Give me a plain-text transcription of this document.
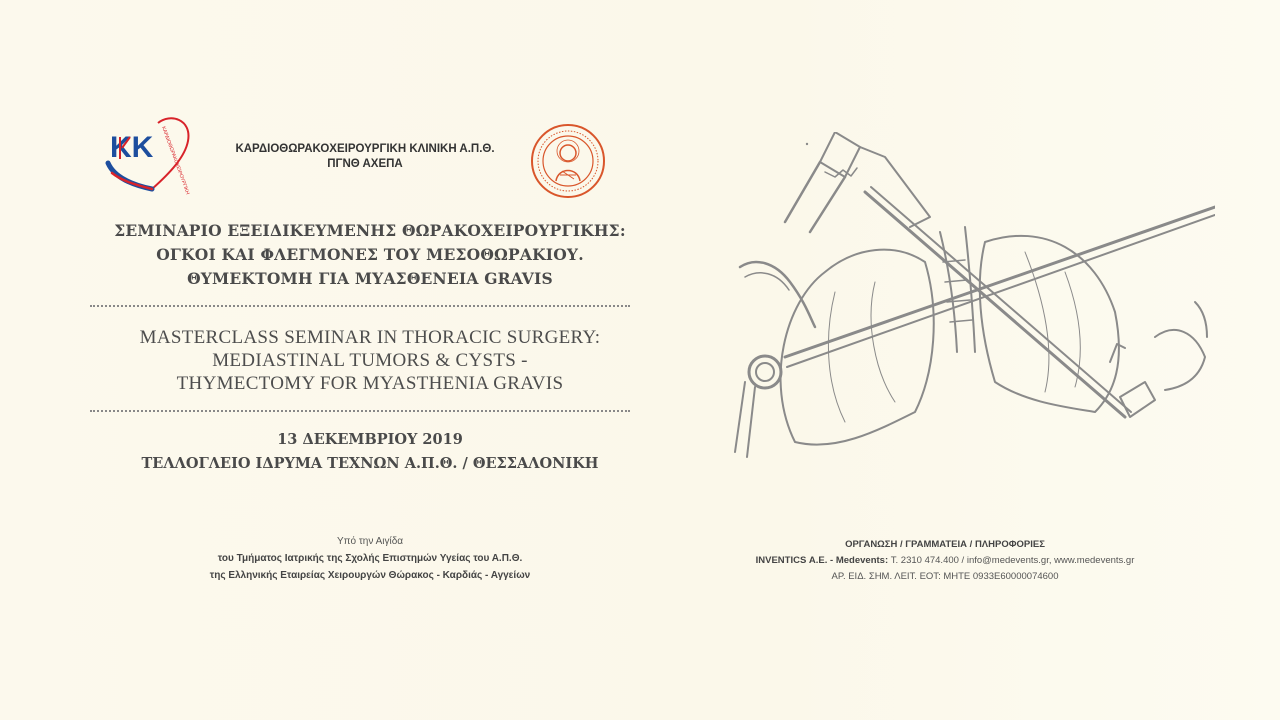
KK ΚΑΡΔΙΟΘΩΡΑΚΟΧΕΙΡΟΥΡΓΙΚΗ	ΚΑΡΔΙΟΘΩΡΑΚΟΧΕΙΡΟΥΡΓΙΚΗ ΚΛΙΝΙΚΗ Α.Π.Θ.
ΠΓΝΘ ΑΧΕΠΑ
ΣΕΜΙΝΑΡΙΟ ΕΞΕΙΔΙΚΕΥΜΕΝΗΣ ΘΩΡΑΚΟΧΕΙΡΟΥΡΓΙΚΗΣ:
ΟΓΚΟΙ ΚΑΙ ΦΛΕΓΜΟΝΕΣ ΤΟΥ ΜΕΣΟΘΩΡΑΚΙΟΥ.
ΘΥΜΕΚΤΟΜΗ ΓΙΑ ΜΥΑΣΘΕΝΕΙΑ GRAVIS
MASTERCLASS SEMINAR IN THORACIC SURGERY:
MEDIASTINAL TUMORS & CYSTS -
THYMECTOMY FOR MYASTHENIA GRAVIS
13 ΔΕΚΕΜΒΡΙΟΥ 2019
ΤΕΛΛΟΓΛΕΙΟ ΙΔΡΥΜΑ ΤΕΧΝΩΝ Α.Π.Θ. / ΘΕΣΣΑΛΟΝΙΚΗ
Υπό την Αιγίδα
του Τμήματος Ιατρικής της Σχολής Επιστημών Υγείας του Α.Π.Θ.
της Ελληνικής Εταιρείας Χειρουργών Θώρακος - Καρδιάς - Αγγείων
ΟΡΓΑΝΩΣΗ / ΓΡΑΜΜΑΤΕΙΑ / ΠΛΗΡΟΦΟΡΙΕΣ
INVENTICS Α.Ε. - Medevents: Τ. 2310 474.400 / info@medevents.gr, www.medevents.gr
ΑΡ. ΕΙΔ. ΣΗΜ. ΛΕΙΤ. ΕΟΤ: ΜΗΤΕ 0933E60000074600
